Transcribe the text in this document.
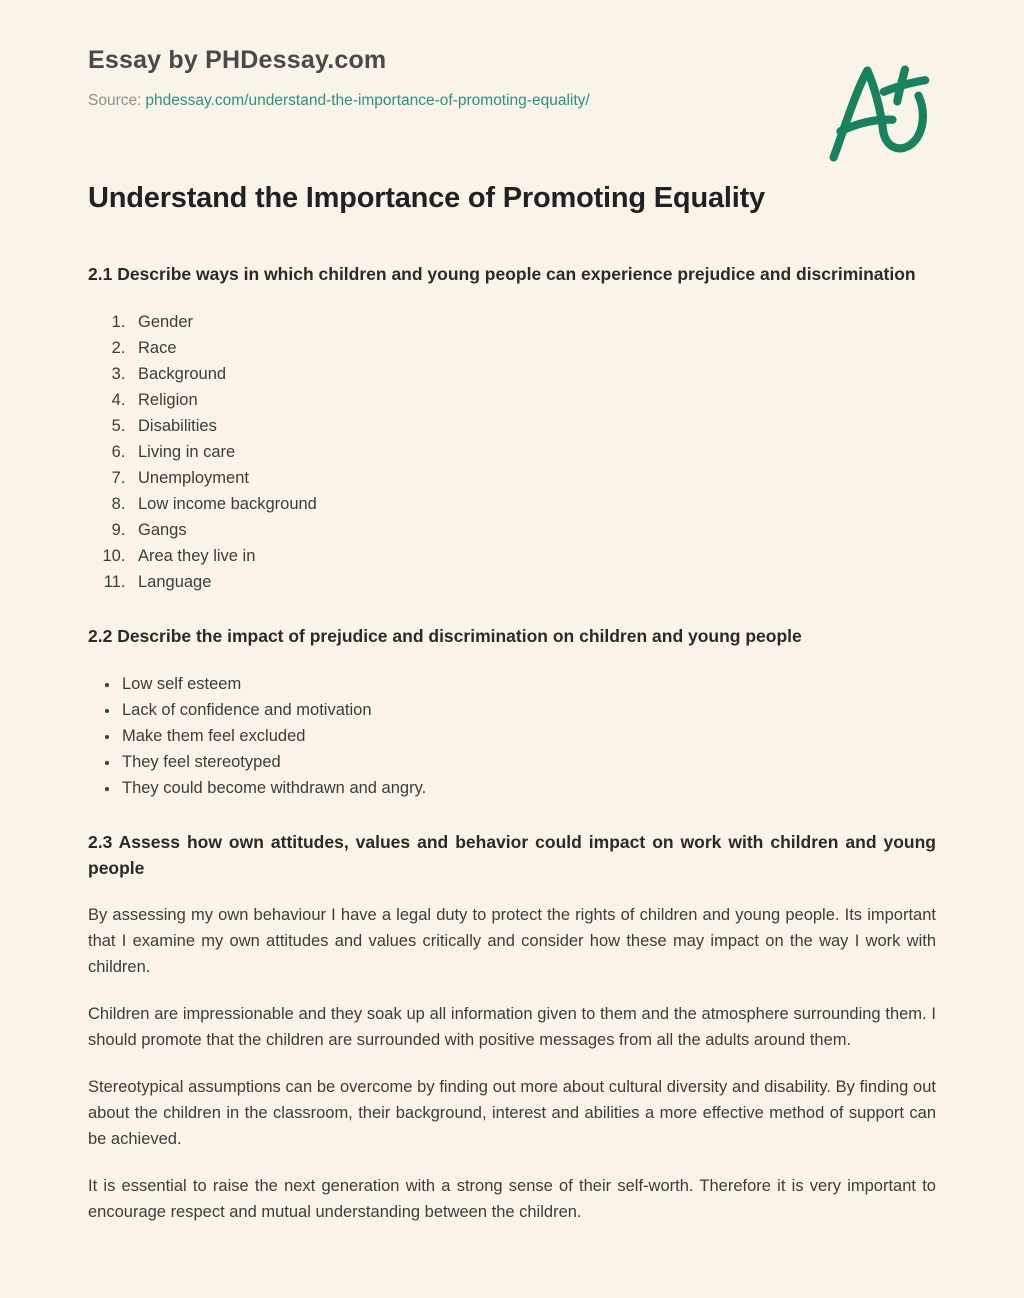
Essay by PHDessay.com
Source: phdessay.com/understand-the-importance-of-promoting-equality/
Understand the Importance of Promoting Equality
2.1 Describe ways in which children and young people can experience prejudice and discrimination
1. Gender
2. Race
3. Background
4. Religion
5. Disabilities
6. Living in care
7. Unemployment
8. Low income background
9. Gangs
10. Area they live in
11. Language
2.2 Describe the impact of prejudice and discrimination on children and young people
• Low self esteem
• Lack of confidence and motivation
• Make them feel excluded
• They feel stereotyped
• They could become withdrawn and angry.
2.3 Assess how own attitudes, values and behavior could impact on work with children and young people

By assessing my own behaviour I have a legal duty to protect the rights of children and young people. Its important that I examine my own attitudes and values critically and consider how these may impact on the way I work with children.

Children are impressionable and they soak up all information given to them and the atmosphere surrounding them. I should promote that the children are surrounded with positive messages from all the adults around them.

Stereotypical assumptions can be overcome by finding out more about cultural diversity and disability. By finding out about the children in the classroom, their background, interest and abilities a more effective method of support can be achieved.

It is essential to raise the next generation with a strong sense of their self-worth. Therefore it is very important to encourage respect and mutual understanding between the children.
